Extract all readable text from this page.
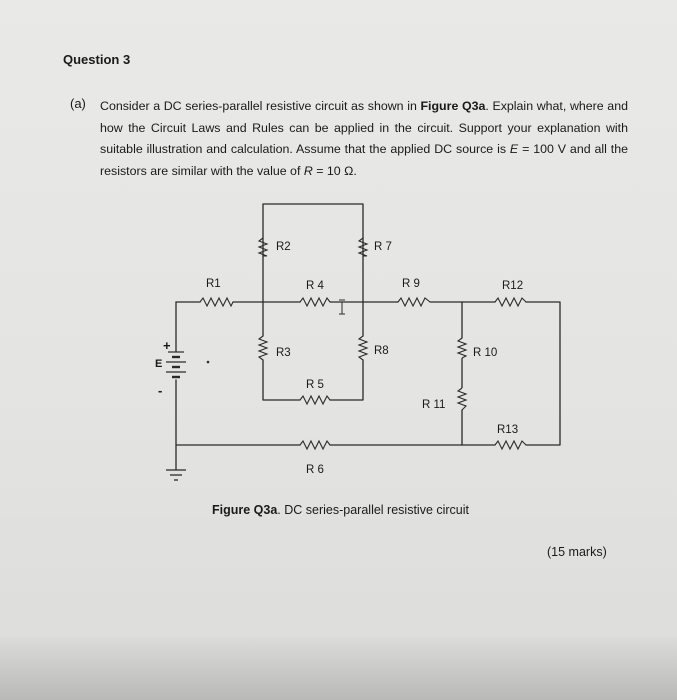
Question 3
(a) Consider a DC series-parallel resistive circuit as shown in Figure Q3a. Explain what, where and how the Circuit Laws and Rules can be applied in the circuit. Support your explanation with suitable illustration and calculation. Assume that the applied DC source is E = 100 V and all the resistors are similar with the value of R = 10 Ω.
E
+
-
R1
R2
R3
R 4
R 5
R 6
R 7
R8
R 9
R 10
R 11
R12
R13
Figure Q3a. DC series-parallel resistive circuit
(15 marks)
